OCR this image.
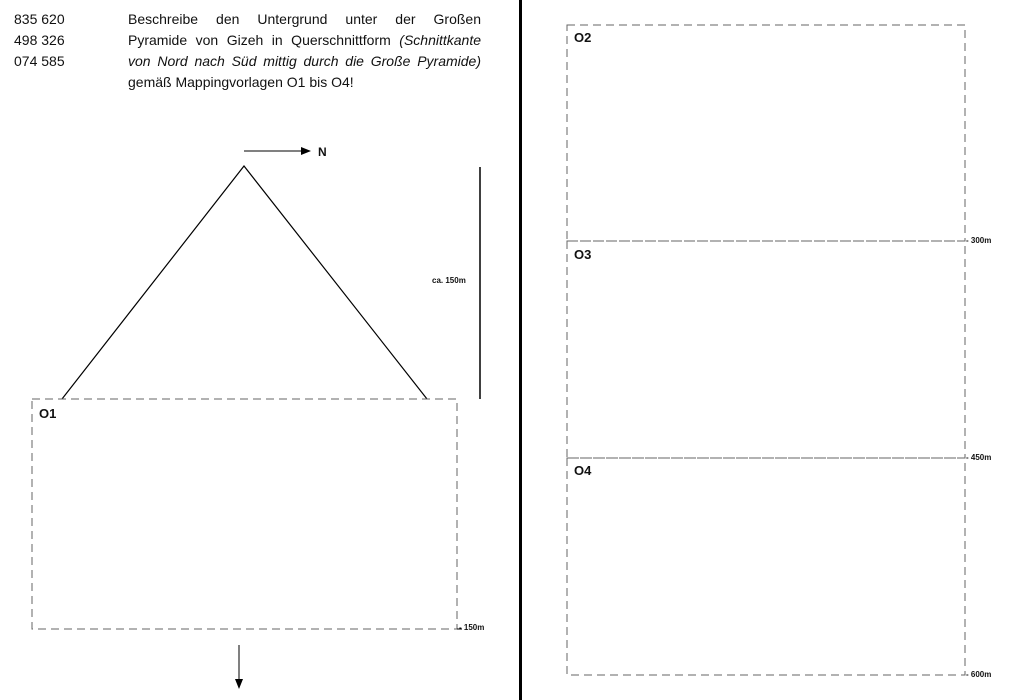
835 620
498 326
074 585
Beschreibe den Untergrund unter der Großen
Pyramide von Gizeh in Querschnittform (Schnittkante
von Nord nach Süd mittig durch die Große Pyramide)
gemäß Mappingvorlagen O1 bis O4!
N
ca. 150m
O1
O2
O3
O4
- 150m
- 300m
- 450m
- 600m
